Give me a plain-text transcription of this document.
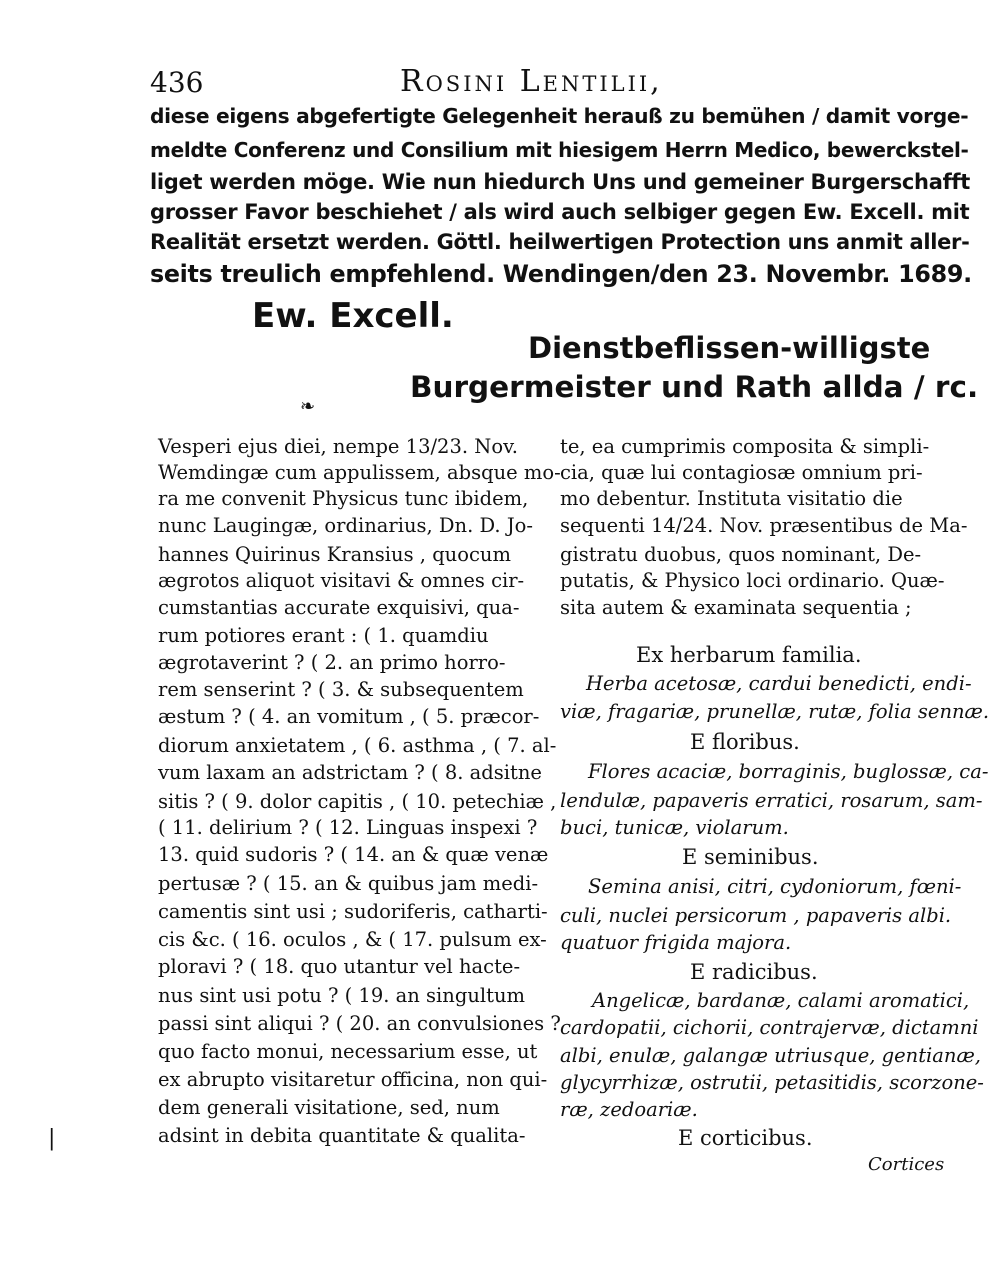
436	Rosini Lentilii,
diese eigens abgefertigte Gelegenheit herauß zu bemühen / damit vorge-
meldte Conferenz und Consilium mit hiesigem Herrn Medico, bewerckstel-
liget werden möge. Wie nun hiedurch Uns und gemeiner Burgerschafft
grosser Favor beschiehet / als wird auch selbiger gegen Ew. Excell. mit
Realität ersetzt werden. Göttl. heilwertigen Protection uns anmit aller-
seits treulich empfehlend. Wendingen/den 23. Novembr. 1689.
Ew. Excell.
Dienstbeflissen-willigste
Burgermeister und Rath allda / rc.
❧
|
Vesperi ejus diei, nempe 13/23. Nov.
Wemdingæ cum appulissem, absque mo-
ra me convenit Physicus tunc ibidem,
nunc Laugingæ, ordinarius, Dn. D. Jo-
hannes Quirinus Kransius , quocum
ægrotos aliquot visitavi & omnes cir-
cumstantias accurate exquisivi, qua-
rum potiores erant : ( 1. quamdiu
ægrotaverint ? ( 2. an primo horro-
rem senserint ? ( 3. & subsequentem
æstum ? ( 4. an vomitum , ( 5. præcor-
diorum anxietatem , ( 6. asthma , ( 7. al-
vum laxam an adstrictam ? ( 8. adsitne
sitis ? ( 9. dolor capitis , ( 10. petechiæ ,
( 11. delirium ? ( 12. Linguas inspexi ?
13. quid sudoris ? ( 14. an & quæ venæ
pertusæ ? ( 15. an & quibus jam medi-
camentis sint usi ; sudoriferis, catharti-
cis &c. ( 16. oculos , & ( 17. pulsum ex-
ploravi ? ( 18. quo utantur vel hacte-
nus sint usi potu ? ( 19. an singultum
passi sint aliqui ? ( 20. an convulsiones ?
quo facto monui, necessarium esse, ut
ex abrupto visitaretur officina, non qui-
dem generali visitatione, sed, num
adsint in debita quantitate & qualita-
te, ea cumprimis composita & simpli-
cia, quæ lui contagiosæ omnium pri-
mo debentur. Instituta visitatio die
sequenti 14/24. Nov. præsentibus de Ma-
gistratu duobus, quos nominant, De-
putatis, & Physico loci ordinario. Quæ-
sita autem & examinata sequentia ;
Ex herbarum familia.
Herba acetosæ, cardui benedicti, endi-
viæ, fragariæ, prunellæ, rutæ, folia sennæ.
E floribus.
Flores acaciæ, borraginis, buglossæ, ca-
lendulæ, papaveris erratici, rosarum, sam-
buci, tunicæ, violarum.
E seminibus.
Semina anisi, citri, cydoniorum, fœni-
culi, nuclei persicorum , papaveris albi.
quatuor frigida majora.
E radicibus.
Angelicæ, bardanæ, calami aromatici,
cardopatii, cichorii, contrajervæ, dictamni
albi, enulæ, galangæ utriusque, gentianæ,
glycyrrhizæ, ostrutii, petasitidis, scorzone-
ræ, zedoariæ.
E corticibus.
Cortices
